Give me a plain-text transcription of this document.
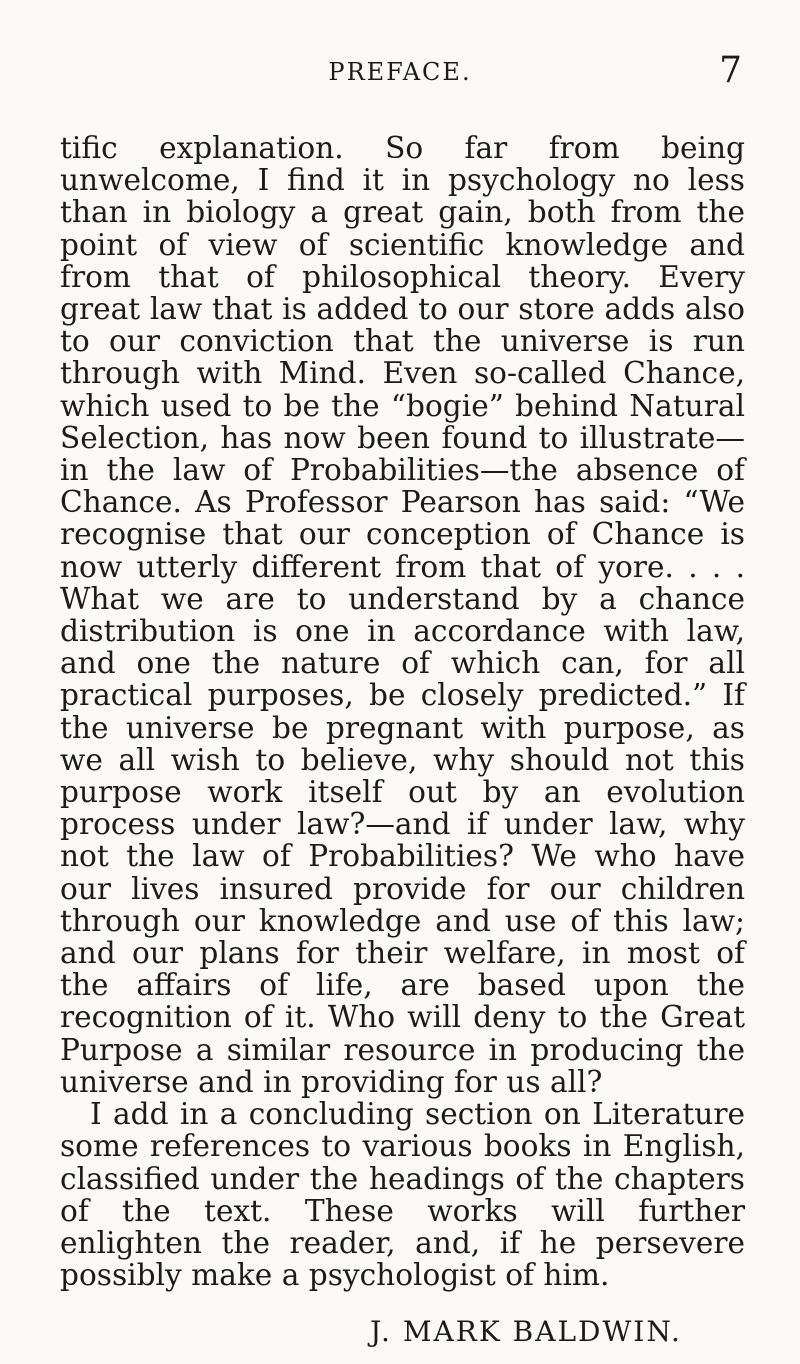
PREFACE.	7

tific explanation. So far from being unwelcome, I find it in psychology no less than in biology a great gain, both from the point of view of scientific knowledge and from that of philosophical theory. Every great law that is added to our store adds also to our conviction that the universe is run through with Mind. Even so-called Chance, which used to be the “bogie” behind Natural Selection, has now been found to illustrate—in the law of Probabilities—the absence of Chance. As Professor Pearson has said: “We recognise that our conception of Chance is now utterly different from that of yore. . . . What we are to understand by a chance distribution is one in accordance with law, and one the nature of which can, for all practical purposes, be closely predicted.” If the universe be pregnant with purpose, as we all wish to believe, why should not this purpose work itself out by an evolution process under law?—and if under law, why not the law of Probabilities? We who have our lives insured provide for our children through our knowledge and use of this law; and our plans for their welfare, in most of the affairs of life, are based upon the recognition of it. Who will deny to the Great Purpose a similar resource in producing the universe and in providing for us all?

I add in a concluding section on Literature some references to various books in English, classified under the headings of the chapters of the text. These works will further enlighten the reader, and, if he persevere possibly make a psychologist of him.

J. MARK BALDWIN.
